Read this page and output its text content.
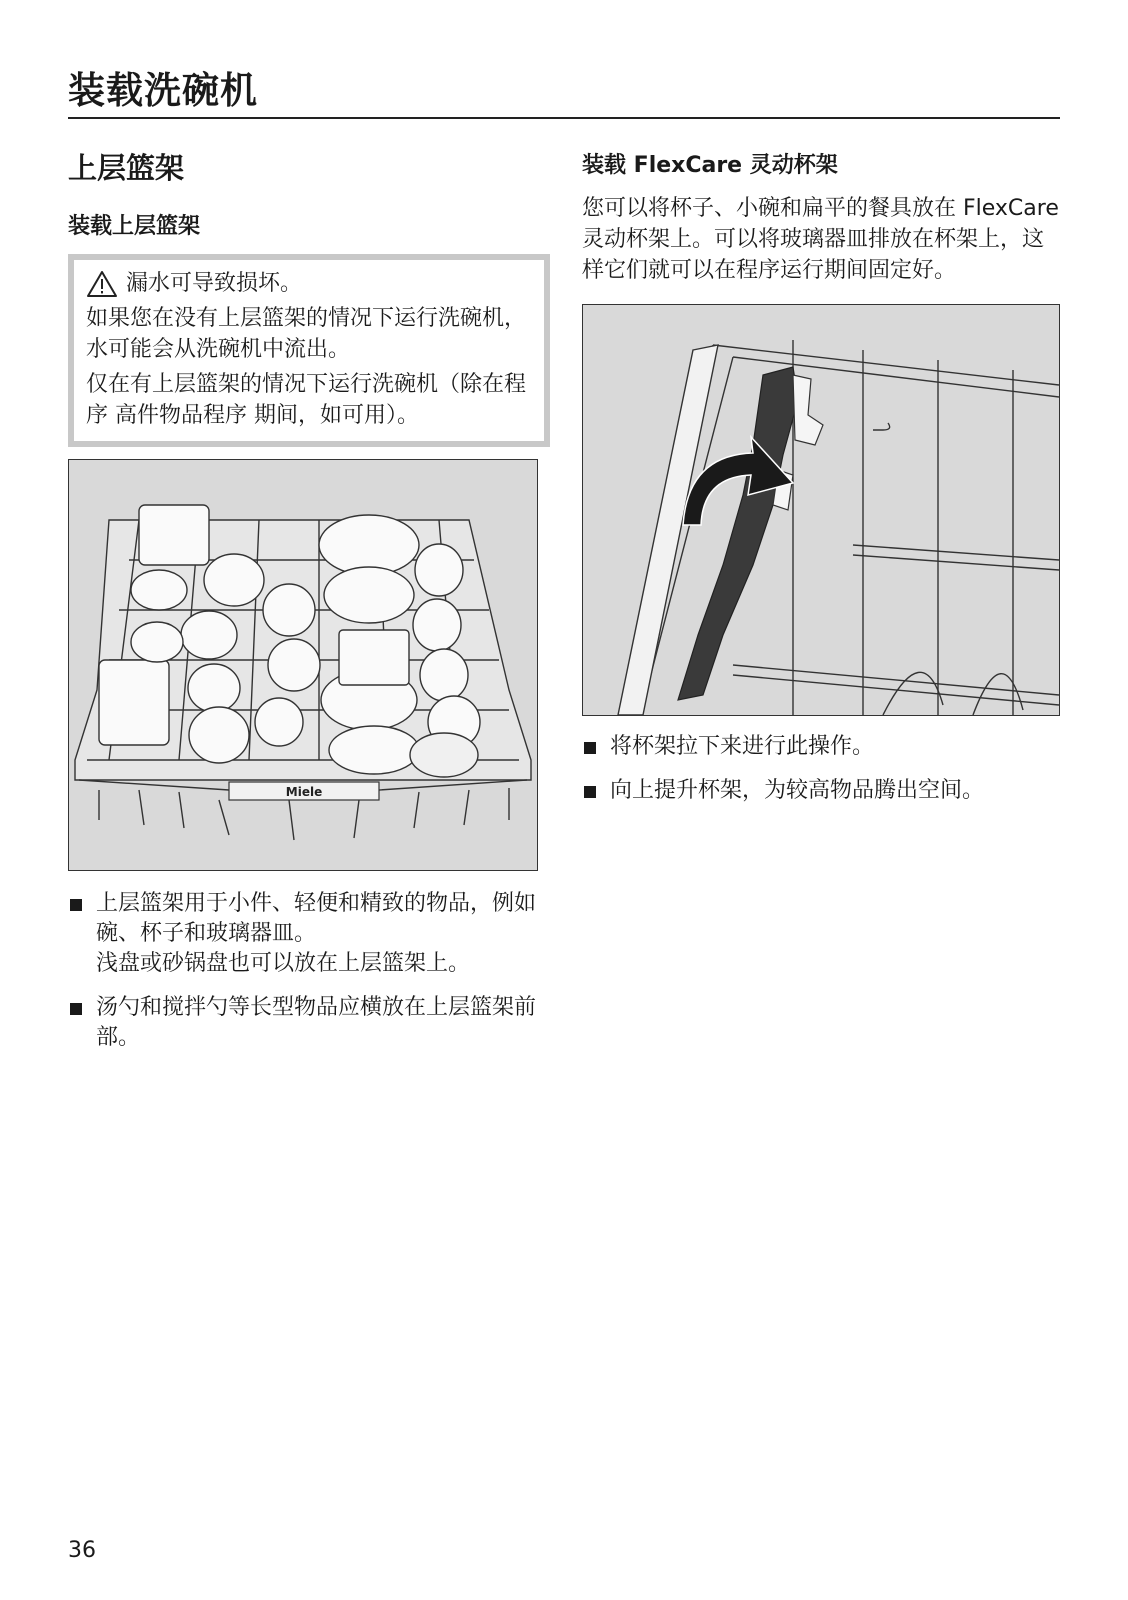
装载洗碗机
上层篮架
装载上层篮架
漏水可导致损坏。
如果您在没有上层篮架的情况下运行洗碗机，水可能会从洗碗机中流出。
仅在有上层篮架的情况下运行洗碗机（除在程序 高件物品程序 期间，如可用）。
Miele
上层篮架用于小件、轻便和精致的物品，例如碗、杯子和玻璃器皿。
浅盘或砂锅盘也可以放在上层篮架上。
汤勺和搅拌勺等长型物品应横放在上层篮架前部。
装载 FlexCare 灵动杯架
您可以将杯子、小碗和扁平的餐具放在 FlexCare 灵动杯架上。可以将玻璃器皿排放在杯架上，这样它们就可以在程序运行期间固定好。
将杯架拉下来进行此操作。
向上提升杯架，为较高物品腾出空间。
36
